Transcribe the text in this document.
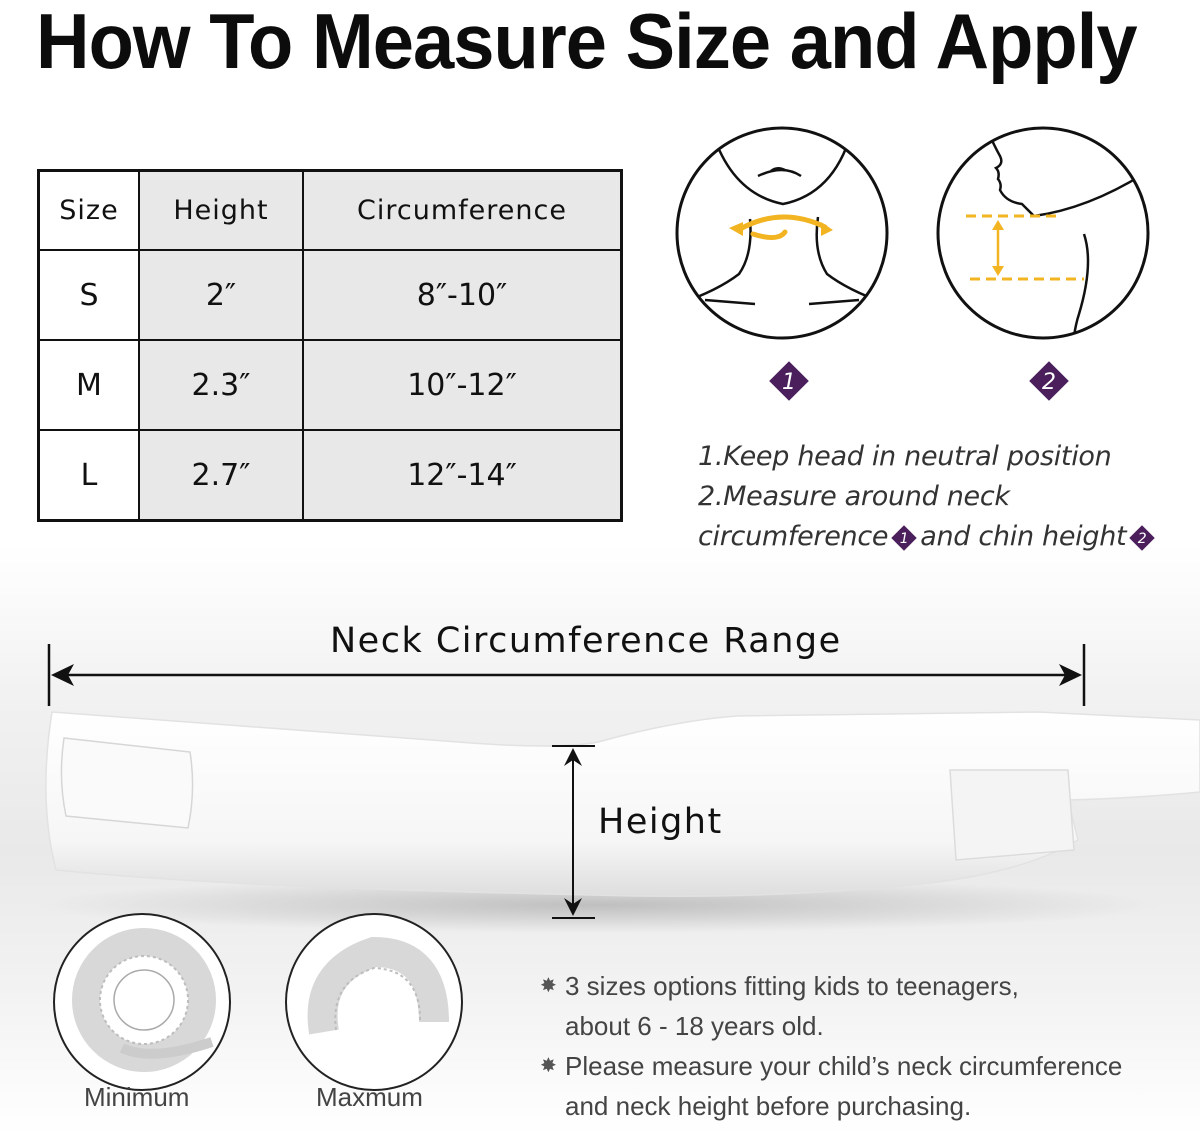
How To Measure Size and Apply
Size	Height	Circumference
S	2″	8″-10″
M	2.3″	10″-12″
L	2.7″	12″-14″
1	2
1.Keep head in neutral position
2.Measure around neck
circumference 1 and chin height 2
Neck Circumference Range
Height
Minimum	Maxmum
✸ 3 sizes options fitting kids to teenagers,
about 6 - 18 years old.
✸ Please measure your child’s neck circumference
and neck height before purchasing.
